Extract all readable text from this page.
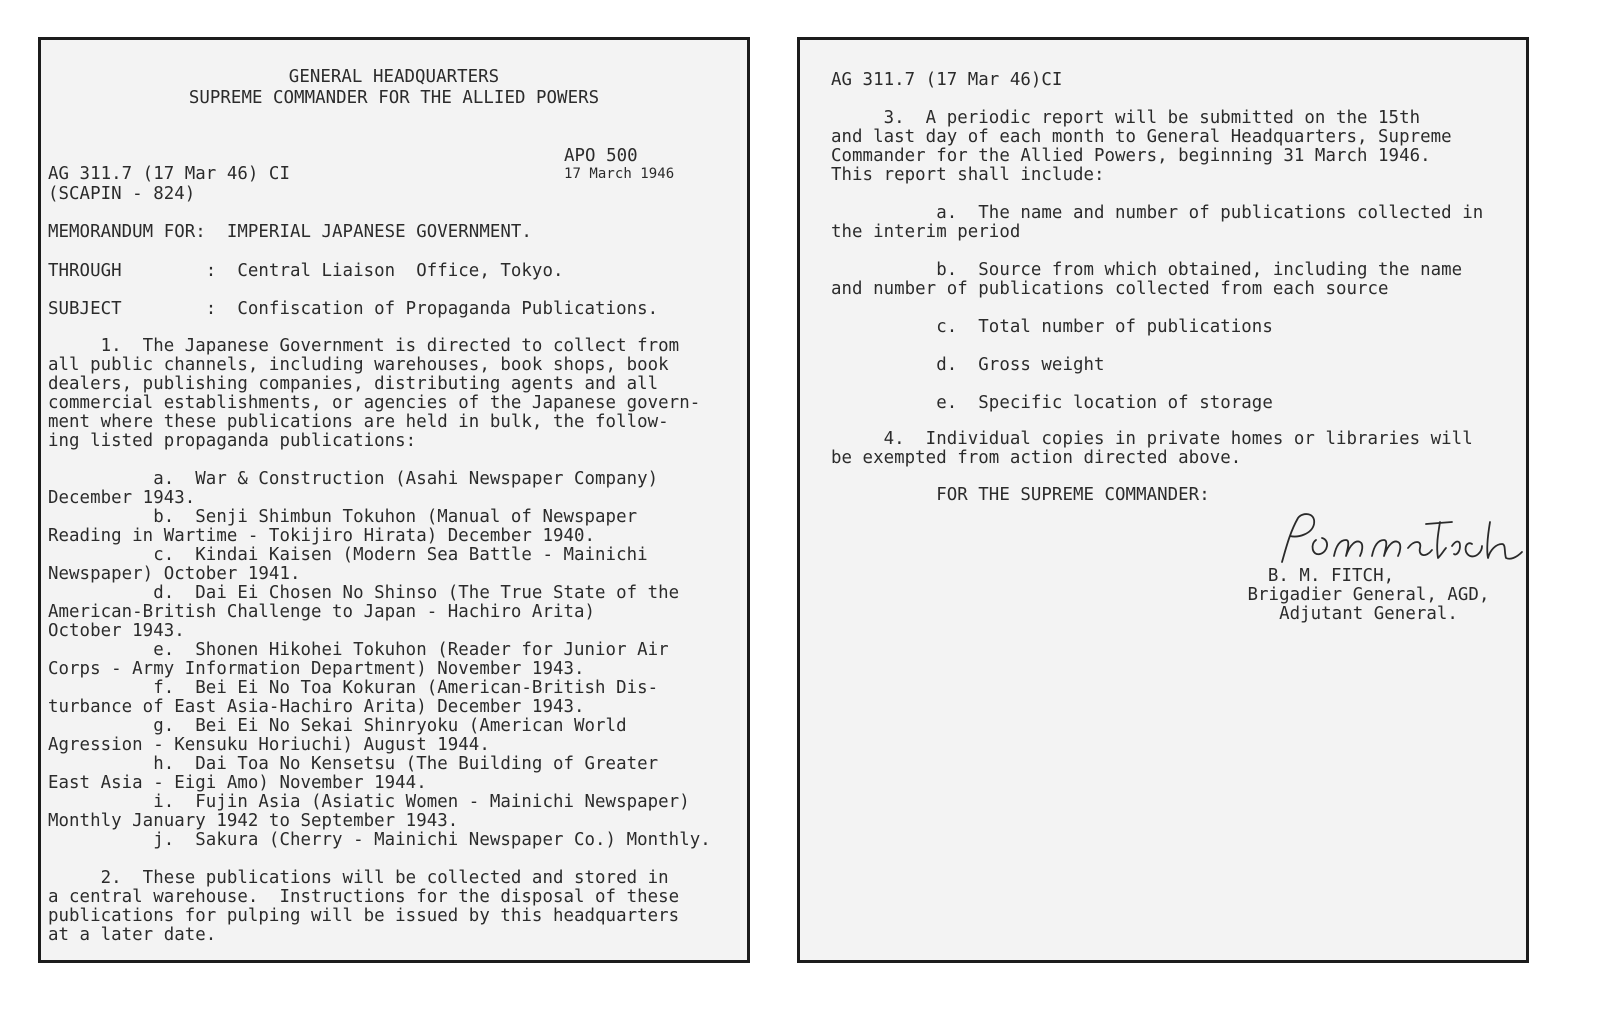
GENERAL HEADQUARTERS
SUPREME COMMANDER FOR THE ALLIED POWERS
APO 500
17 March 1946
AG 311.7 (17 Mar 46) CI
(SCAPIN - 824)
MEMORANDUM FOR:  IMPERIAL JAPANESE GOVERNMENT.
THROUGH        :  Central Liaison  Office, Tokyo.
SUBJECT        :  Confiscation of Propaganda Publications.
1.  The Japanese Government is directed to collect from
all public channels, including warehouses, book shops, book
dealers, publishing companies, distributing agents and all
commercial establishments, or agencies of the Japanese govern-
ment where these publications are held in bulk, the follow-
ing listed propaganda publications:
a.  War & Construction (Asahi Newspaper Company)
December 1943.
b.  Senji Shimbun Tokuhon (Manual of Newspaper
Reading in Wartime - Tokijiro Hirata) December 1940.
c.  Kindai Kaisen (Modern Sea Battle - Mainichi
Newspaper) October 1941.
d.  Dai Ei Chosen No Shinso (The True State of the
American-British Challenge to Japan - Hachiro Arita)
October 1943.
e.  Shonen Hikohei Tokuhon (Reader for Junior Air
Corps - Army Information Department) November 1943.
f.  Bei Ei No Toa Kokuran (American-British Dis-
turbance of East Asia-Hachiro Arita) December 1943.
g.  Bei Ei No Sekai Shinryoku (American World
Agression - Kensuku Horiuchi) August 1944.
h.  Dai Toa No Kensetsu (The Building of Greater
East Asia - Eigi Amo) November 1944.
i.  Fujin Asia (Asiatic Women - Mainichi Newspaper)
Monthly January 1942 to September 1943.
j.  Sakura (Cherry - Mainichi Newspaper Co.) Monthly.
2.  These publications will be collected and stored in
a central warehouse.  Instructions for the disposal of these
publications for pulping will be issued by this headquarters
at a later date.
AG 311.7 (17 Mar 46)CI
3.  A periodic report will be submitted on the 15th
and last day of each month to General Headquarters, Supreme
Commander for the Allied Powers, beginning 31 March 1946.
This report shall include:
a.  The name and number of publications collected in
the interim period
b.  Source from which obtained, including the name
and number of publications collected from each source
c.  Total number of publications
d.  Gross weight
e.  Specific location of storage
4.  Individual copies in private homes or libraries will
be exempted from action directed above.
FOR THE SUPREME COMMANDER:
B. M. FITCH,
Brigadier General, AGD,
Adjutant General.
